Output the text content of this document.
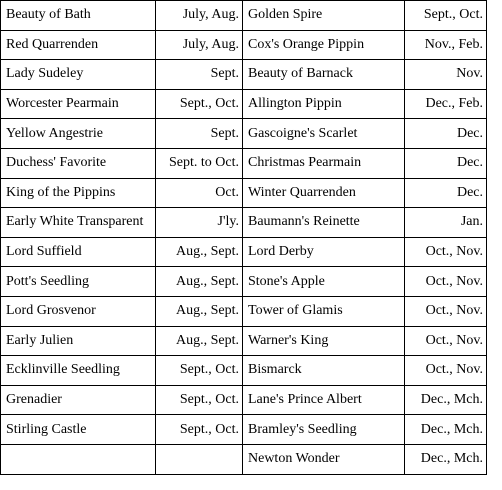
Beauty of Bath	July, Aug.	Golden Spire	Sept., Oct.
Red Quarrenden	July, Aug.	Cox's Orange Pippin	Nov., Feb.
Lady Sudeley	Sept.	Beauty of Barnack	Nov.
Worcester Pearmain	Sept., Oct.	Allington Pippin	Dec., Feb.
Yellow Angestrie	Sept.	Gascoigne's Scarlet	Dec.
Duchess' Favorite	Sept. to Oct.	Christmas Pearmain	Dec.
King of the Pippins	Oct.	Winter Quarrenden	Dec.
Early White Transparent	J'ly.	Baumann's Reinette	Jan.
Lord Suffield	Aug., Sept.	Lord Derby	Oct., Nov.
Pott's Seedling	Aug., Sept.	Stone's Apple	Oct., Nov.
Lord Grosvenor	Aug., Sept.	Tower of Glamis	Oct., Nov.
Early Julien	Aug., Sept.	Warner's King	Oct., Nov.
Ecklinville Seedling	Sept., Oct.	Bismarck	Oct., Nov.
Grenadier	Sept., Oct.	Lane's Prince Albert	Dec., Mch.
Stirling Castle	Sept., Oct.	Bramley's Seedling	Dec., Mch.
		Newton Wonder	Dec., Mch.
